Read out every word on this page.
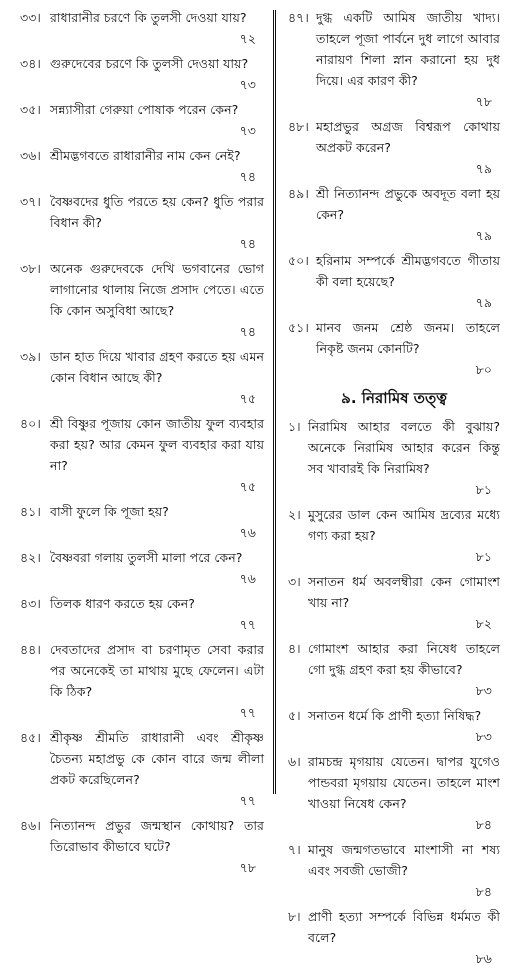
৩৩। রাধারানীর চরণে কি তুলসী দেওয়া যায়?
৭২
৩৪। গুরুদেবের চরণে কি তুলসী দেওয়া যায়?
৭৩
৩৫। সন্ন্যাসীরা গেরুয়া পোষাক পরেন কেন?
৭৩
৩৬। শ্রীমদ্ভগবতে রাধারানীর নাম কেন নেই?
৭৪
৩৭। বৈষ্ণবদের ধুতি পরতে হয় কেন? ধুতি পরার বিধান কী?
৭৪
৩৮। অনেক গুরুদেবকে দেখি ভগবানের ভোগ লাগানোর থালায় নিজে প্রসাদ পেতে। এতে কি কোন অসুবিধা আছে?
৭৪
৩৯। ডান হাত দিয়ে খাবার গ্রহণ করতে হয় এমন কোন বিধান আছে কী?
৭৫
৪০। শ্রী বিষ্ণুর পূজায় কোন জাতীয় ফুল ব্যবহার করা হয়? আর কেমন ফুল ব্যবহার করা যায় না?
৭৫
৪১। বাসী ফুলে কি পূজা হয়?
৭৬
৪২। বৈষ্ণবরা গলায় তুলসী মালা পরে কেন?
৭৬
৪৩। তিলক ধারণ করতে হয় কেন?
৭৭
৪৪। দেবতাদের প্রসাদ বা চরণামৃত সেবা করার পর অনেকেই তা মাথায় মুছে ফেলেন। এটা কি ঠিক?
৭৭
৪৫। শ্রীকৃষ্ণ শ্রীমতি রাধারানী এবং শ্রীকৃষ্ণ চৈতন্য মহাপ্রভু কে কোন বারে জন্ম লীলা প্রকট করেছিলেন?
৭৭
৪৬। নিত্যানন্দ প্রভুর জন্মস্থান কোথায়? তার তিরোভাব কীভাবে ঘটে?
৭৮
৪৭। দুগ্ধ একটি আমিষ জাতীয় খাদ্য। তাহলে পূজা পার্বনে দুধ লাগে আবার নারায়ণ শিলা স্নান করানো হয় দুধ দিয়ে। এর কারণ কী?
৭৮
৪৮। মহাপ্রভুর অগ্রজ বিশ্বরূপ কোথায় অপ্রকট করেন?
৭৯
৪৯। শ্রী নিত্যানন্দ প্রভুকে অবদূত বলা হয় কেন?
৭৯
৫০। হরিনাম সম্পর্কে শ্রীমদ্ভগবতে গীতায় কী বলা হয়েছে?
৭৯
৫১। মানব জনম শ্রেষ্ঠ জনম। তাহলে নিকৃষ্ট জনম কোনটি?
৮০
৯. নিরামিষ তত্ত্ব
১। নিরামিষ আহার বলতে কী বুঝায়? অনেকে নিরামিষ আহার করেন কিন্তু সব খাবারই কি নিরামিষ?
৮১
২। মুসুরের ডাল কেন আমিষ দ্রব্যের মধ্যে গণ্য করা হয়?
৮১
৩। সনাতন ধর্ম অবলম্বীরা কেন গোমাংশ খায় না?
৮২
৪। গোমাংশ আহার করা নিষেধ তাহলে গো দুগ্ধ গ্রহণ করা হয় কীভাবে?
৮৩
৫। সনাতন ধর্মে কি প্রাণী হত্যা নিষিদ্ধ?
৮৩
৬। রামচন্দ্র মৃগয়ায় যেতেন। দ্বাপর যুগেও পান্ডবরা মৃগয়ায় যেতেন। তাহলে মাংশ খাওয়া নিষেধ কেন?
৮৪
৭। মানুষ জন্মগতভাবে মাংশাসী না শষ্য এবং সবজী ভোজী?
৮৪
৮। প্রাণী হত্যা সম্পর্কে বিভিন্ন ধর্মমত কী বলে?
৮৬
